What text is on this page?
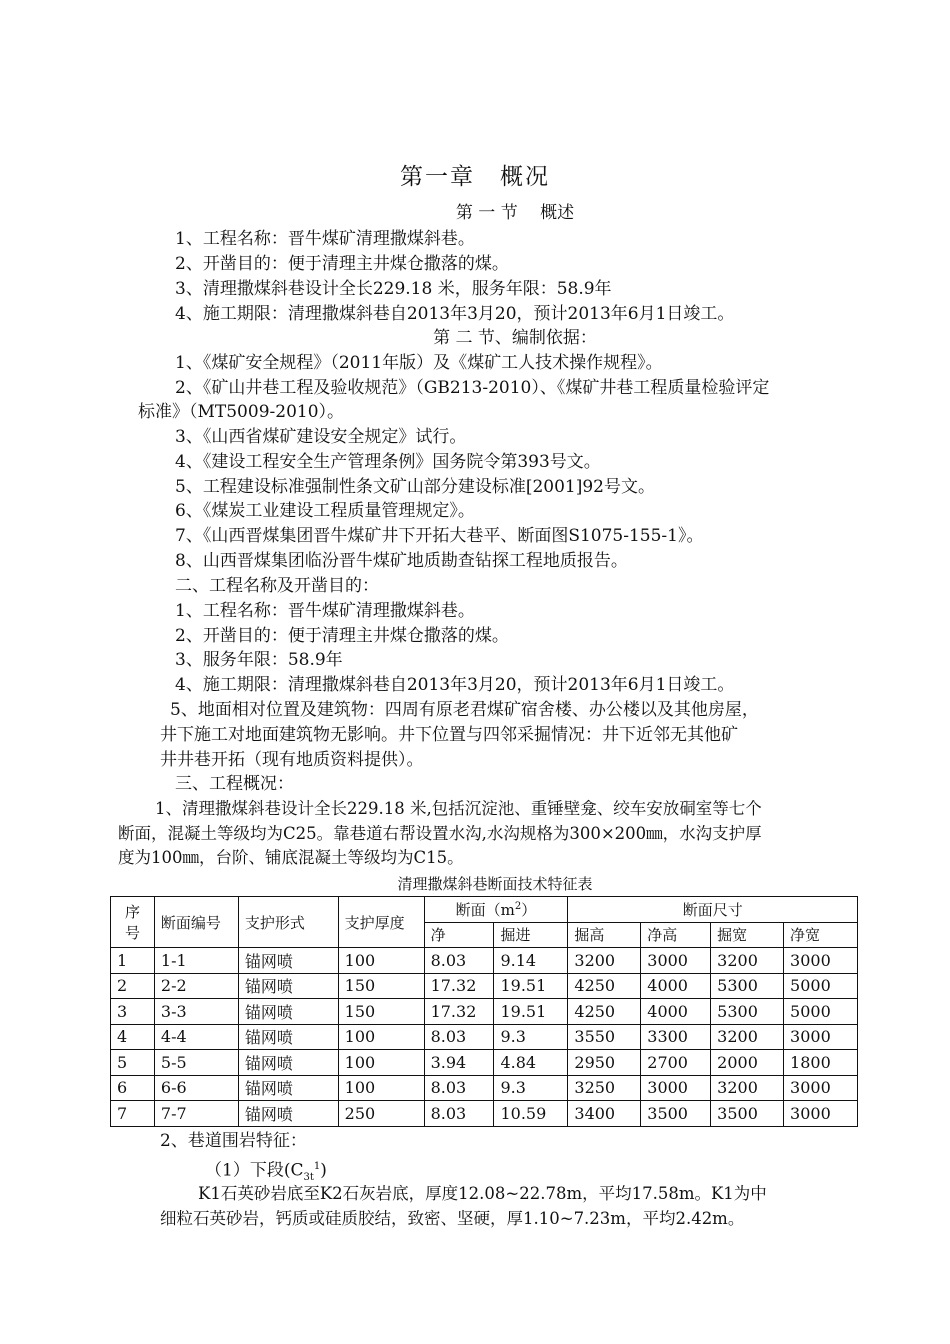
第一章　概况
第 一 节　 概述
1、工程名称：晋牛煤矿清理撒煤斜巷。
2、开凿目的：便于清理主井煤仓撒落的煤。
3、清理撒煤斜巷设计全长229.18 米，服务年限：58.9年
4、施工期限：清理撒煤斜巷自2013年3月20，预计2013年6月1日竣工。
第 二 节、编制依据：
1、《煤矿安全规程》（2011年版）及《煤矿工人技术操作规程》。
2、《矿山井巷工程及验收规范》（GB213-2010）、《煤矿井巷工程质量检验评定
标准》（MT5009-2010）。
3、《山西省煤矿建设安全规定》试行。
4、《建设工程安全生产管理条例》国务院令第393号文。
5、工程建设标准强制性条文矿山部分建设标准[2001]92号文。
6、《煤炭工业建设工程质量管理规定》。
7、《山西晋煤集团晋牛煤矿井下开拓大巷平、断面图S1075-155-1》。
8、山西晋煤集团临汾晋牛煤矿地质勘查钻探工程地质报告。
二、工程名称及开凿目的：
1、工程名称：晋牛煤矿清理撒煤斜巷。
2、开凿目的：便于清理主井煤仓撒落的煤。
3、服务年限：58.9年
4、施工期限：清理撒煤斜巷自2013年3月20，预计2013年6月1日竣工。
5、地面相对位置及建筑物：四周有原老君煤矿宿舍楼、办公楼以及其他房屋，
井下施工对地面建筑物无影响。井下位置与四邻采掘情况：井下近邻无其他矿
井井巷开拓（现有地质资料提供）。
三、工程概况：
1、清理撒煤斜巷设计全长229.18 米,包括沉淀池、重锤壁龛、绞车安放硐室等七个
断面，混凝土等级均为C25。靠巷道右帮设置水沟,水沟规格为300×200㎜，水沟支护厚
度为100㎜，台阶、铺底混凝土等级均为C15。
清理撒煤斜巷断面技术特征表
序
号	断面编号	支护形式	支护厚度	断面$(m^2)$		断面尺寸			
				净	掘进	掘高	净高	掘宽	净宽
1	1-1	锚网喷	100	8.03	9.14	3200	3000	3200	3000
2	2-2	锚网喷	150	17.32	19.51	4250	4000	5300	5000
3	3-3	锚网喷	150	17.32	19.51	4250	4000	5300	5000
4	4-4	锚网喷	100	8.03	9.3	3550	3300	3200	3000
5	5-5	锚网喷	100	3.94	4.84	2950	2700	2000	1800
6	6-6	锚网喷	100	8.03	9.3	3250	3000	3200	3000
7	7-7	锚网喷	250	8.03	10.59	3400	3500	3500	3000
2、巷道围岩特征：
（1）下段$(C_{3t}^1)$
K1石英砂岩底至K2石灰岩底，厚度12.08~22.78m，平均17.58m。K1为中
细粒石英砂岩，钙质或硅质胶结，致密、坚硬，厚1.10~7.23m，平均2.42m。
